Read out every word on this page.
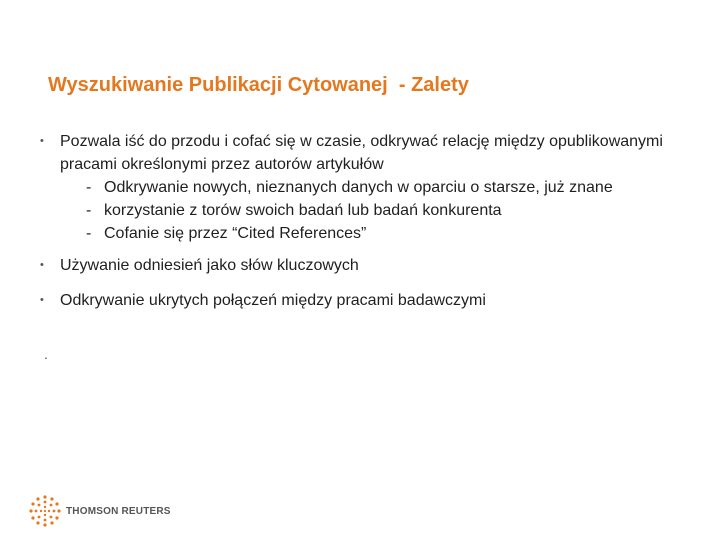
Wyszukiwanie Publikacji Cytowanej  - Zalety
• Pozwala iść do przodu i cofać się w czasie, odkrywać relację między opublikowanymi pracami określonymi przez autorów artykułów
- Odkrywanie nowych, nieznanych danych w oparciu o starsze, już znane
- korzystanie z torów swoich badań lub badań konkurenta
- Cofanie się przez “Cited References”
• Używanie odniesień jako słów kluczowych
• Odkrywanie ukrytych połączeń między pracami badawczymi
.
THOMSON REUTERS
